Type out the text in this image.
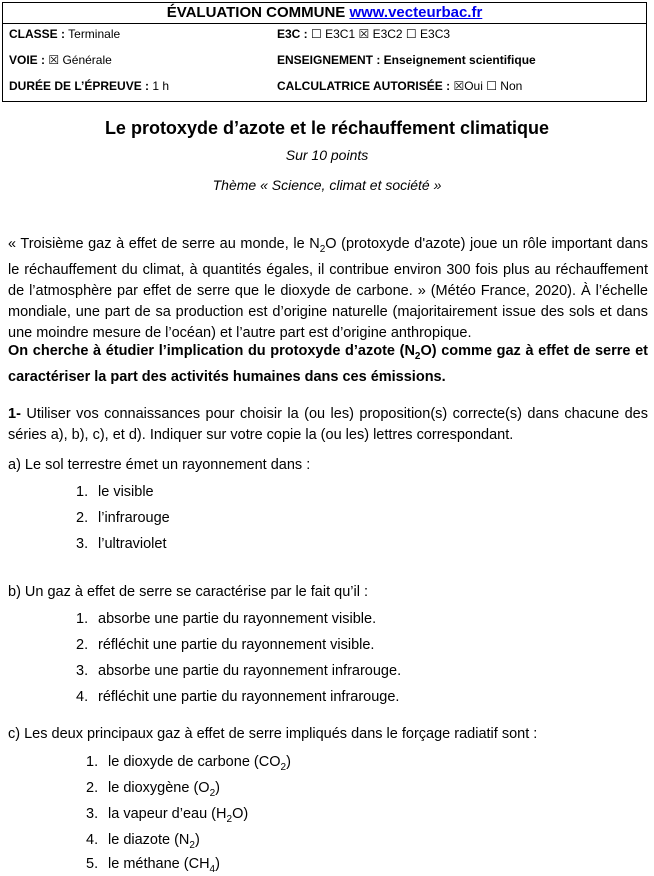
ÉVALUATION COMMUNE www.vecteurbac.fr
CLASSE : Terminale	E3C : ☐ E3C1 ☒ E3C2 ☐ E3C3
VOIE : ☒ Générale	ENSEIGNEMENT : Enseignement scientifique
DURÉE DE L’ÉPREUVE : 1 h	CALCULATRICE AUTORISÉE : ☒Oui ☐ Non
Le protoxyde d’azote et le réchauffement climatique
Sur 10 points
Thème « Science, climat et société »
« Troisième gaz à effet de serre au monde, le $N_2O$ (protoxyde d'azote) joue un rôle important dans le réchauffement du climat, à quantités égales, il contribue environ 300 fois plus au réchauffement de l’atmosphère par effet de serre que le dioxyde de carbone. » (Météo France, 2020). À l’échelle mondiale, une part de sa production est d’origine naturelle (majoritairement issue des sols et dans une moindre mesure de l’océan) et l’autre part est d’origine anthropique.
On cherche à étudier l’implication du protoxyde d’azote $(N_2O)$ comme gaz à effet de serre et caractériser la part des activités humaines dans ces émissions.
1- Utiliser vos connaissances pour choisir la (ou les) proposition(s) correcte(s) dans chacune des séries a), b), c), et d). Indiquer sur votre copie la (ou les) lettres correspondant.
a) Le sol terrestre émet un rayonnement dans :
1. le visible
2. l’infrarouge
3. l’ultraviolet
b) Un gaz à effet de serre se caractérise par le fait qu’il :
1. absorbe une partie du rayonnement visible.
2. réfléchit une partie du rayonnement visible.
3. absorbe une partie du rayonnement infrarouge.
4. réfléchit une partie du rayonnement infrarouge.
c) Les deux principaux gaz à effet de serre impliqués dans le forçage radiatif sont :
1. le dioxyde de carbone $(CO_2)$
2. le dioxygène $(O_2)$
3. la vapeur d’eau $(H_2O)$
4. le diazote $(N_2)$
5. le méthane $(CH_4)$
